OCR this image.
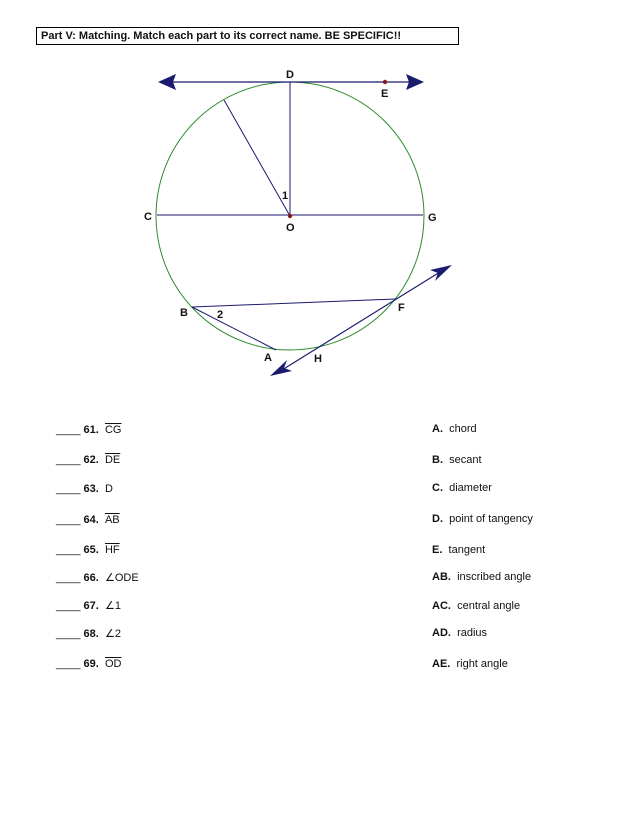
Part V: Matching. Match each part to its correct name. BE SPECIFIC!!
D
E
C	G
O
1
B	2
F
A	H
____ 61. $\overline{CG}$
____ 62. $\overline{DE}$
____ 63. D
____ 64. $\overline{AB}$
____ 65. $\overline{HF}$
____ 66. ∠ODE
____ 67. ∠1
____ 68. ∠2
____ 69. $\overline{OD}$
A. chord
B. secant
C. diameter
D. point of tangency
E. tangent
AB. inscribed angle
AC. central angle
AD. radius
AE. right angle
